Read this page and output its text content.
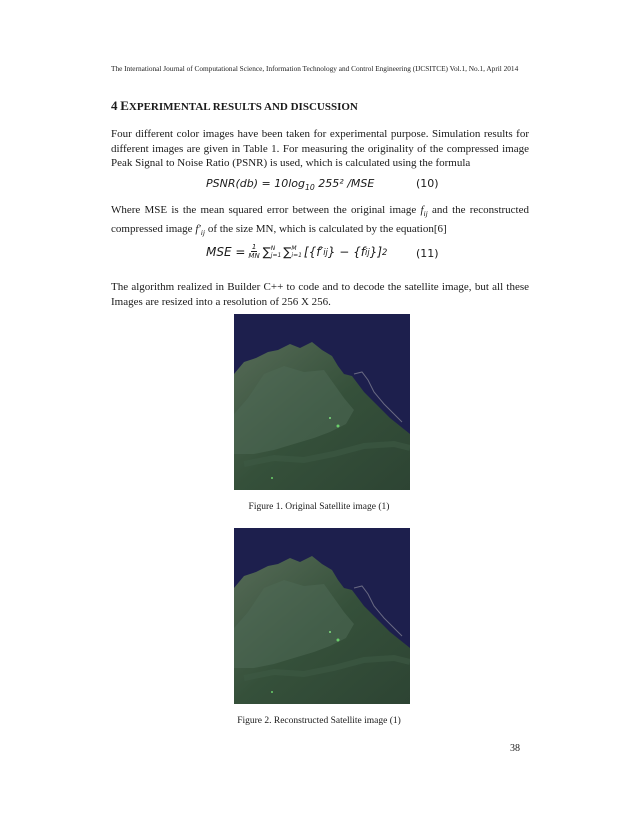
The International Journal of Computational Science, Information Technology and Control Engineering (IJCSITCE) Vol.1, No.1, April 2014
4 EXPERIMENTAL RESULTS AND DISCUSSION
Four different color images have been taken for experimental purpose. Simulation results for different images are given in Table 1. For measuring the originality of the compressed image Peak Signal to Noise Ratio (PSNR) is used, which is calculated using the formula
PSNR(db) = $10\log_{10}$ 255² /MSE	(10)
Where MSE is the mean squared error between the original image $f_{ij}$ and the reconstructed compressed image $f'_{ij}$ of the size MN, which is calculated by the equation[6]
MSE = $\frac{1}{MN}$ ∑ N
j=1 ∑ M
i=1 [{f′ ij } − {f ij }] 2	(11)
The algorithm realized in Builder C++ to code and to decode the satellite image, but all these Images are resized into a resolution of 256 X 256.
Figure 1. Original Satellite image (1)
Figure 2. Reconstructed Satellite image (1)
38
